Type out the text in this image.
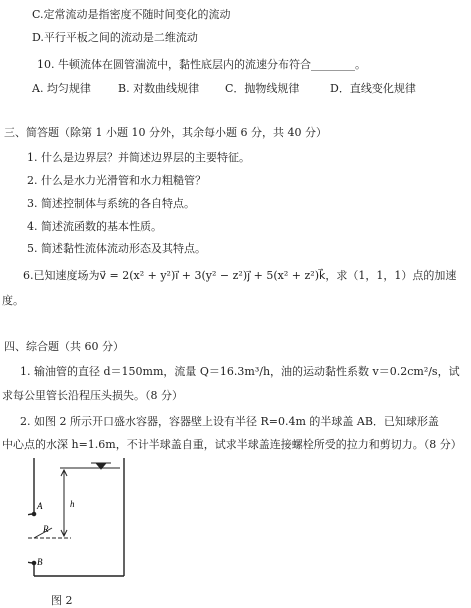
C.定常流动是指密度不随时间变化的流动
D.平行平板之间的流动是二维流动
10. 牛顿流体在圆管湍流中，黏性底层内的流速分布符合________。
A. 均匀规律 B. 对数曲线规律 C．抛物线规律	D．直线变化规律
三、简答题（除第 1 小题 10 分外，其余每小题 6 分，共 40 分）
1. 什么是边界层？并简述边界层的主要特征。
2. 什么是水力光滑管和水力粗糙管？
3. 简述控制体与系统的各自特点。
4. 简述流函数的基本性质。
5. 简述黏性流体流动形态及其特点。
6.已知速度场为v⃗ = 2(x² + y²)i⃗ + 3(y² − z²)j⃗ + 5(x² + z²)k⃗，求（1，1，1）点的加速
度。
四、综合题（共 60 分）
1. 输油管的直径 d＝150mm，流量 Q＝16.3m³/h，油的运动黏性系数 v＝0.2cm²/s，试
求每公里管长沿程压头损失。（8 分）
2. 如图 2 所示开口盛水容器，容器壁上设有半径 R=0.4m 的半球盖 AB．已知球形盖
中心点的水深 h=1.6m，不计半球盖自重，试求半球盖连接螺栓所受的拉力和剪切力。（8 分）
A
B
R
h
图 2
